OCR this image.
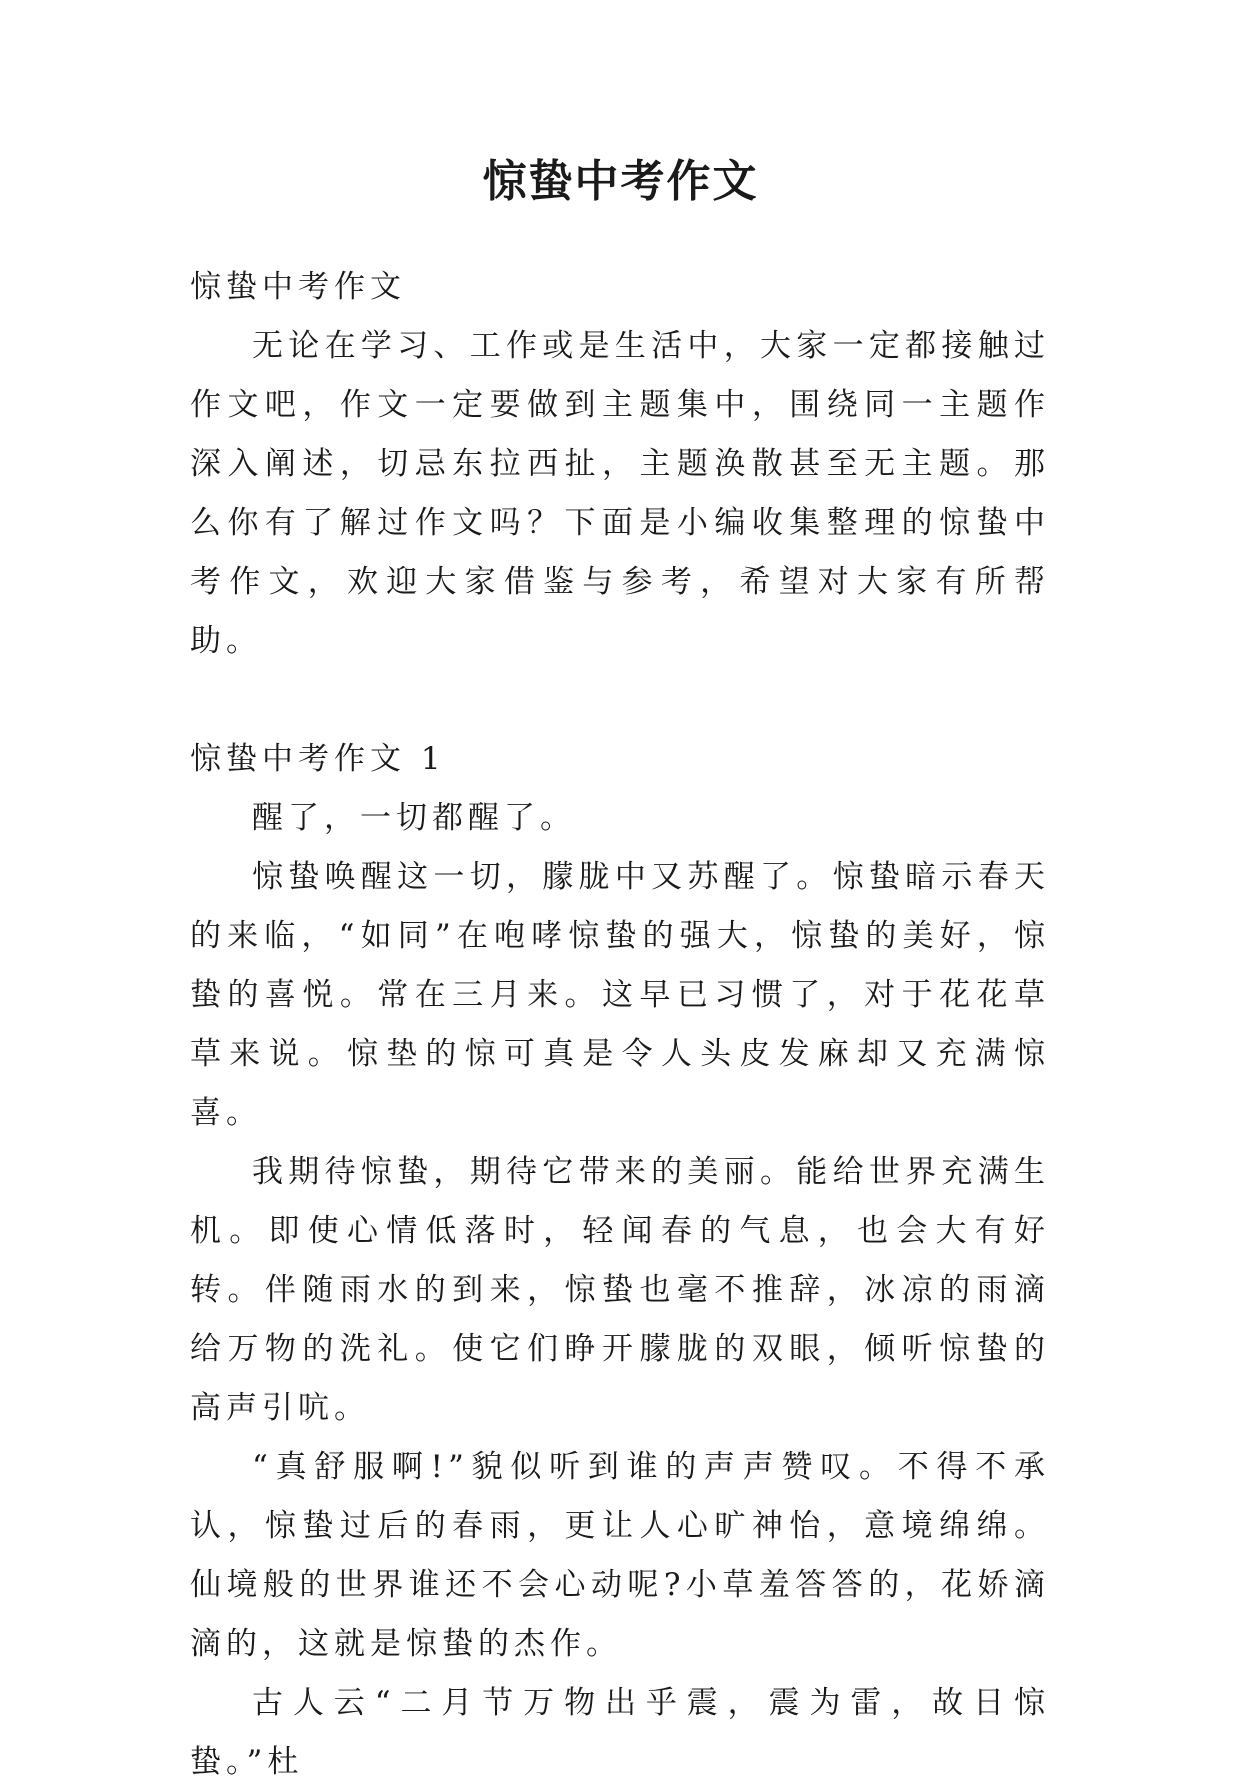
惊蛰中考作文

惊蛰中考作文

无论在学习、工作或是生活中，大家一定都接触过作文吧，作文一定要做到主题集中，围绕同一主题作深入阐述，切忌东拉西扯，主题涣散甚至无主题。那么你有了解过作文吗？下面是小编收集整理的惊蛰中考作文，欢迎大家借鉴与参考，希望对大家有所帮助。

惊蛰中考作文 1

醒了，一切都醒了。

惊蛰唤醒这一切，朦胧中又苏醒了。惊蛰暗示春天的来临，“如同”在咆哮惊蛰的强大，惊蛰的美好，惊蛰的喜悦。常在三月来。这早已习惯了，对于花花草草来说。惊垫的惊可真是令人头皮发麻却又充满惊喜。

我期待惊蛰，期待它带来的美丽。能给世界充满生机。即使心情低落时，轻闻春的气息，也会大有好转。伴随雨水的到来，惊蛰也毫不推辞，冰凉的雨滴给万物的洗礼。使它们睁开朦胧的双眼，倾听惊蛰的高声引吭。

“真舒服啊!”貌似听到谁的声声赞叹。不得不承认，惊蛰过后的春雨，更让人心旷神怡，意境绵绵。仙境般的世界谁还不会心动呢?小草羞答答的，花娇滴滴的，这就是惊蛰的杰作。

古人云“二月节万物出乎震，震为雷，故日惊蛰。”杜
